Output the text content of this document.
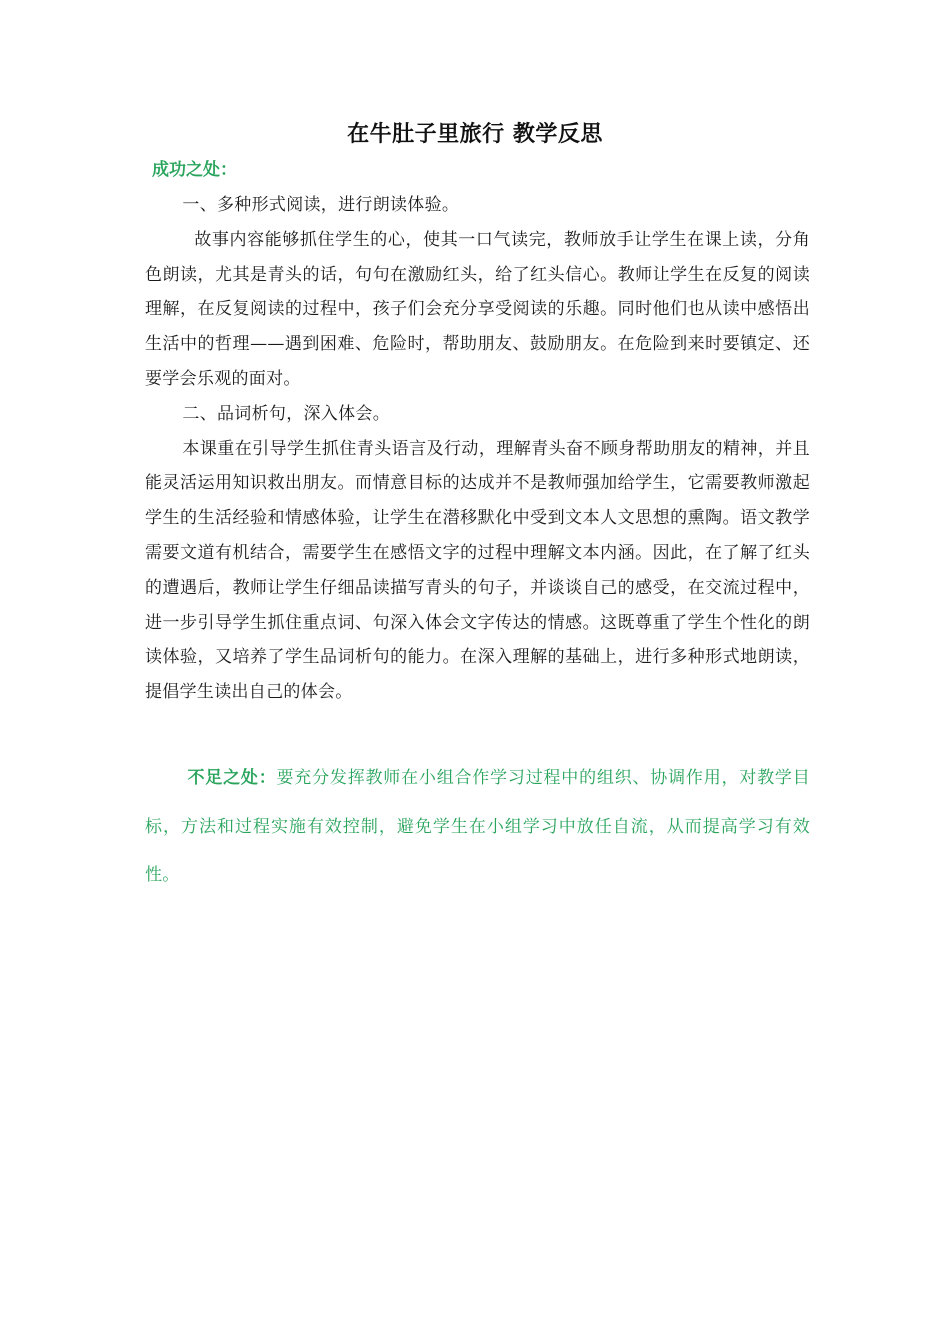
在牛肚子里旅行 教学反思
成功之处：

一、多种形式阅读，进行朗读体验。

故事内容能够抓住学生的心，使其一口气读完，教师放手让学生在课上读，分角色朗读，尤其是青头的话，句句在激励红头，给了红头信心。教师让学生在反复的阅读理解，在反复阅读的过程中，孩子们会充分享受阅读的乐趣。同时他们也从读中感悟出生活中的哲理——遇到困难、危险时，帮助朋友、鼓励朋友。在危险到来时要镇定、还要学会乐观的面对。

二、品词析句，深入体会。

本课重在引导学生抓住青头语言及行动，理解青头奋不顾身帮助朋友的精神，并且能灵活运用知识救出朋友。而情意目标的达成并不是教师强加给学生，它需要教师激起学生的生活经验和情感体验，让学生在潜移默化中受到文本人文思想的熏陶。语文教学需要文道有机结合，需要学生在感悟文字的过程中理解文本内涵。因此，在了解了红头的遭遇后，教师让学生仔细品读描写青头的句子，并谈谈自己的感受，在交流过程中，进一步引导学生抓住重点词、句深入体会文字传达的情感。这既尊重了学生个性化的朗读体验，又培养了学生品词析句的能力。在深入理解的基础上，进行多种形式地朗读，提倡学生读出自己的体会。

不足之处：要充分发挥教师在小组合作学习过程中的组织、协调作用，对教学目标，方法和过程实施有效控制，避免学生在小组学习中放任自流，从而提高学习有效性。
